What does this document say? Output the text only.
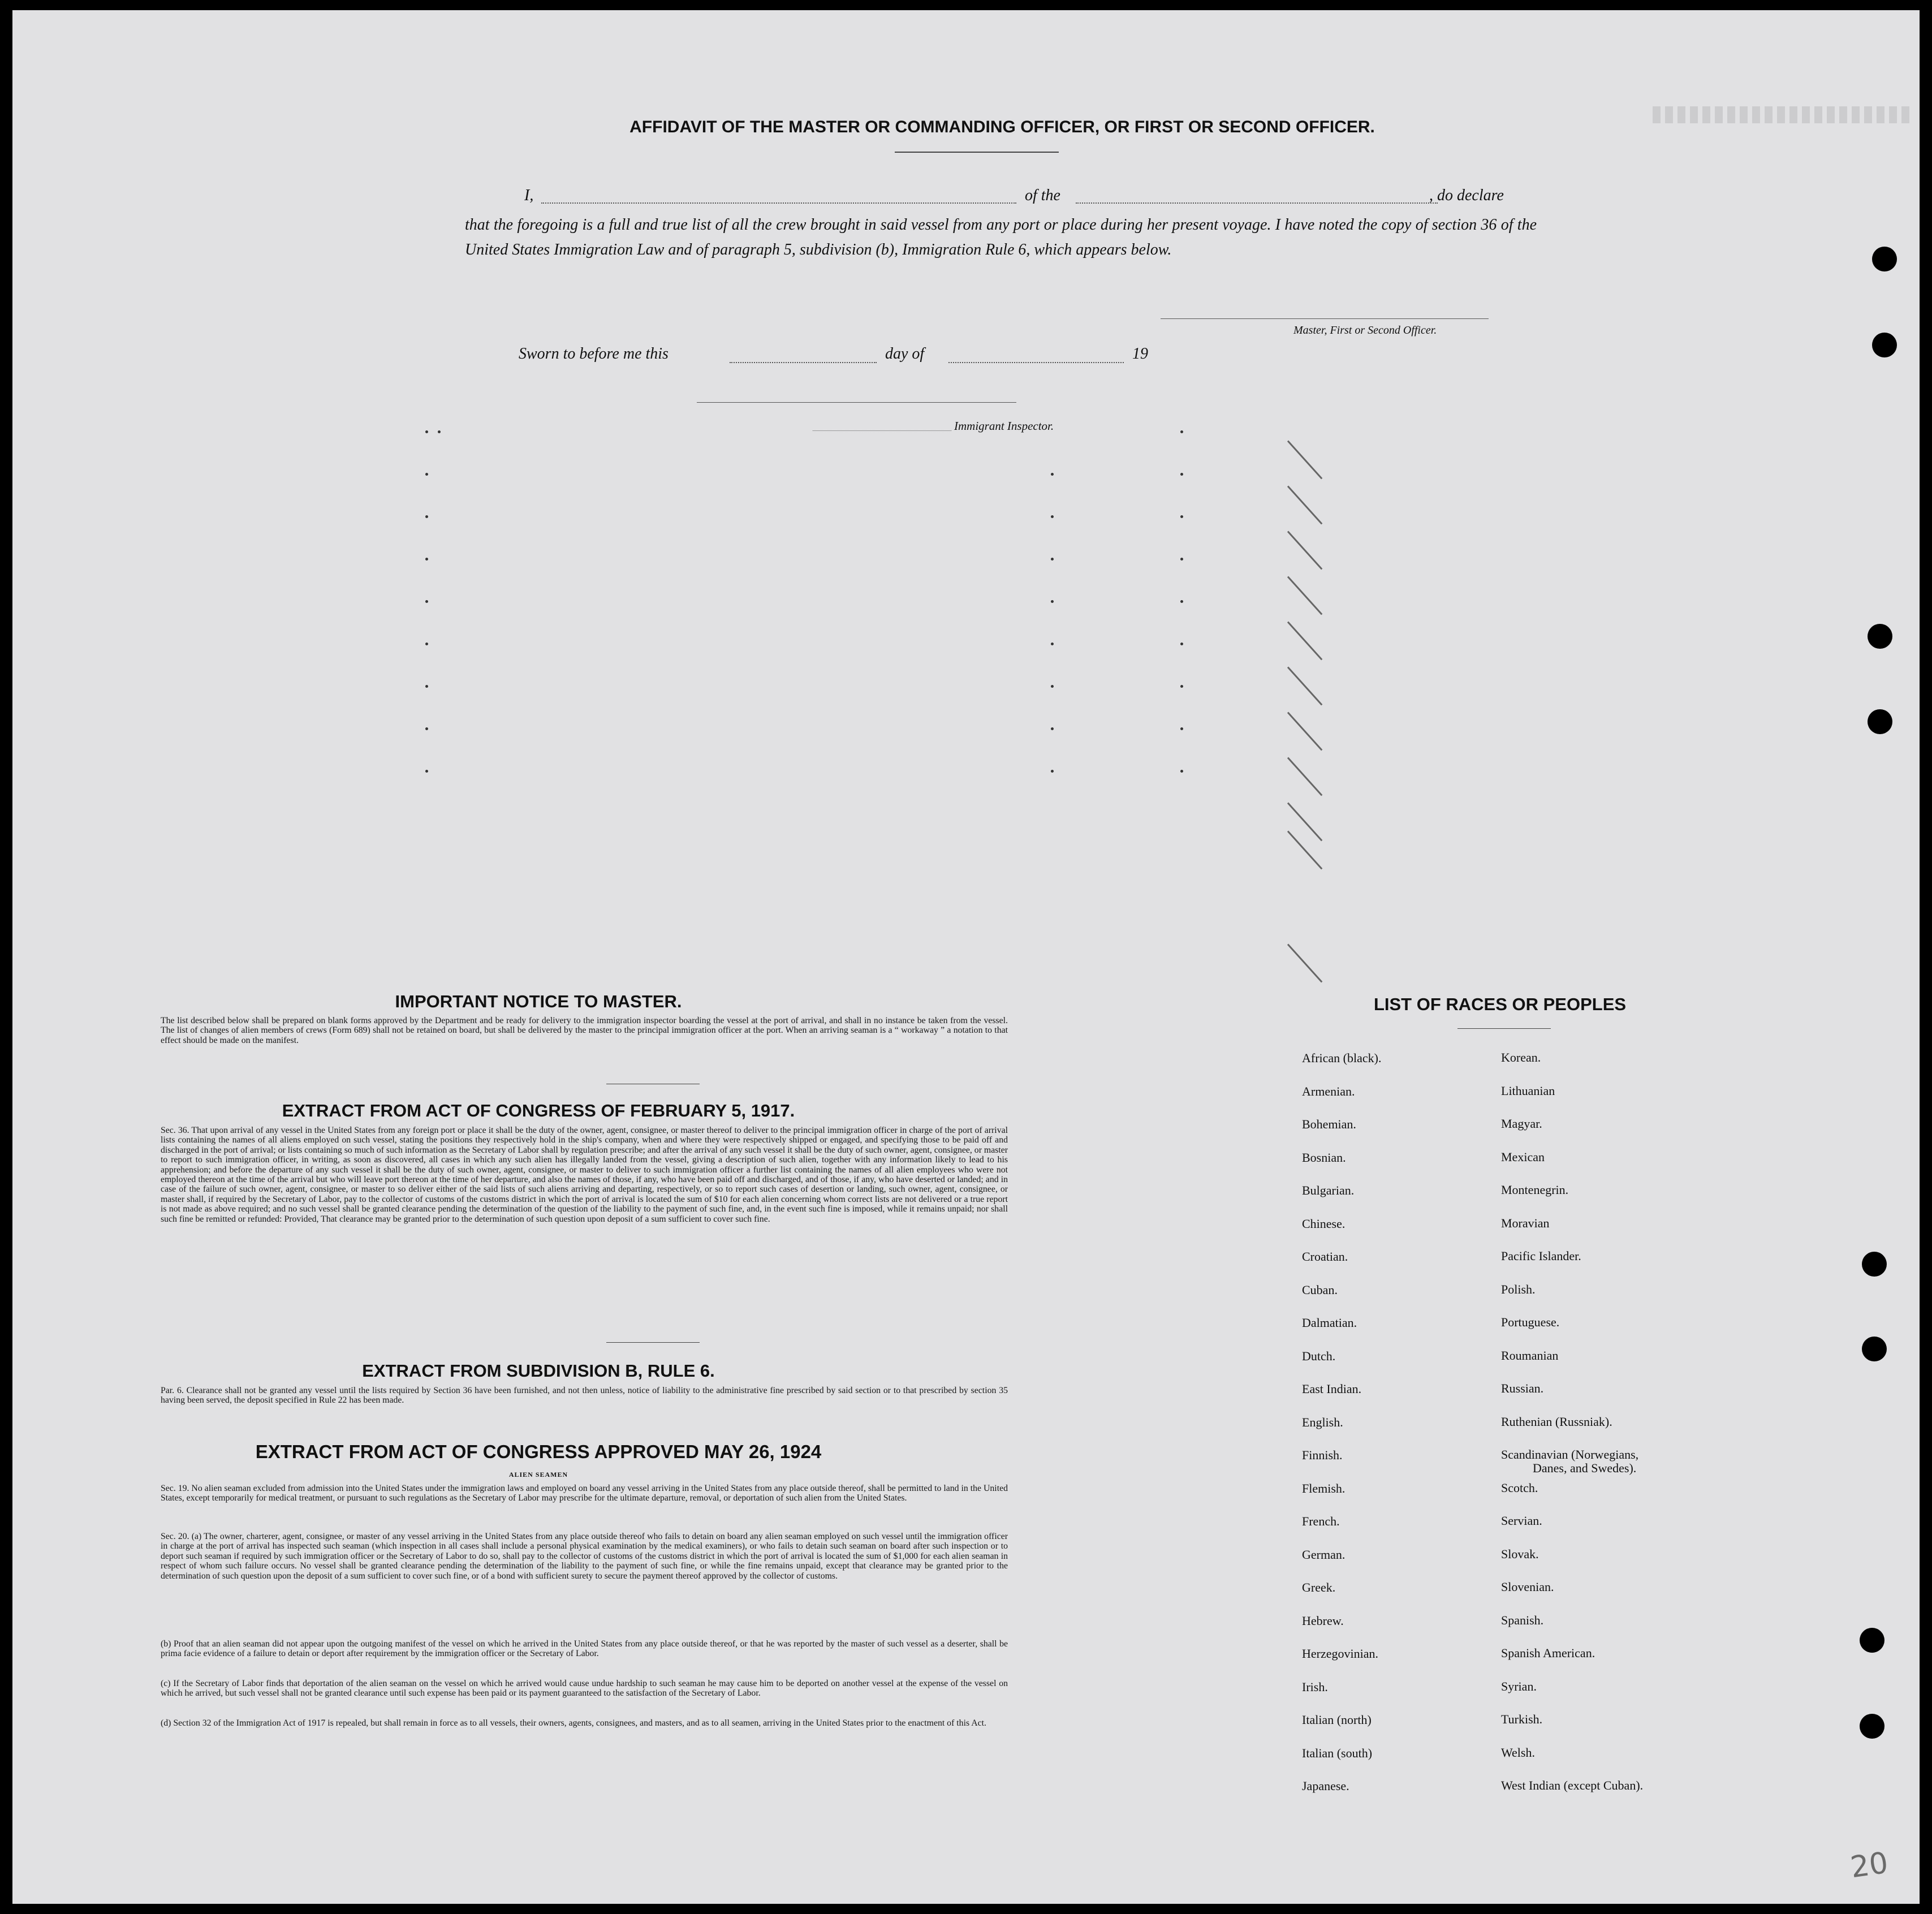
AFFIDAVIT OF THE MASTER OR COMMANDING OFFICER, OR FIRST OR SECOND OFFICER.
I,	of the	, do declare
that the foregoing is a full and true list of all the crew brought in said vessel from any port or place during her present voyage. I have noted the copy of section 36 of the United States Immigration Law and of paragraph 5, subdivision (b), Immigration Rule 6, which appears below.
Master, First or Second Officer.
Sworn to before me this	day of	19
Immigrant Inspector.
IMPORTANT NOTICE TO MASTER.
The list described below shall be prepared on blank forms approved by the Department and be ready for delivery to the immigration inspector boarding the vessel at the port of arrival, and shall in no instance be taken from the vessel. The list of changes of alien members of crews (Form 689) shall not be retained on board, but shall be delivered by the master to the principal immigration officer at the port. When an arriving seaman is a “ workaway ” a notation to that effect should be made on the manifest.
EXTRACT FROM ACT OF CONGRESS OF FEBRUARY 5, 1917.
Sec. 36. That upon arrival of any vessel in the United States from any foreign port or place it shall be the duty of the owner, agent, consignee, or master thereof to deliver to the principal immigration officer in charge of the port of arrival lists containing the names of all aliens employed on such vessel, stating the positions they respectively hold in the ship's company, when and where they were respectively shipped or engaged, and specifying those to be paid off and discharged in the port of arrival; or lists containing so much of such information as the Secretary of Labor shall by regulation prescribe; and after the arrival of any such vessel it shall be the duty of such owner, agent, consignee, or master to report to such immigration officer, in writing, as soon as discovered, all cases in which any such alien has illegally landed from the vessel, giving a description of such alien, together with any information likely to lead to his apprehension; and before the departure of any such vessel it shall be the duty of such owner, agent, consignee, or master to deliver to such immigration officer a further list containing the names of all alien employees who were not employed thereon at the time of the arrival but who will leave port thereon at the time of her departure, and also the names of those, if any, who have been paid off and discharged, and of those, if any, who have deserted or landed; and in case of the failure of such owner, agent, consignee, or master to so deliver either of the said lists of such aliens arriving and departing, respectively, or so to report such cases of desertion or landing, such owner, agent, consignee, or master shall, if required by the Secretary of Labor, pay to the collector of customs of the customs district in which the port of arrival is located the sum of $10 for each alien concerning whom correct lists are not delivered or a true report is not made as above required; and no such vessel shall be granted clearance pending the determination of the question of the liability to the payment of such fine, and, in the event such fine is imposed, while it remains unpaid; nor shall such fine be remitted or refunded: Provided, That clearance may be granted prior to the determination of such question upon deposit of a sum sufficient to cover such fine.
EXTRACT FROM SUBDIVISION B, RULE 6.
Par. 6. Clearance shall not be granted any vessel until the lists required by Section 36 have been furnished, and not then unless, notice of liability to the administrative fine prescribed by said section or to that prescribed by section 35 having been served, the deposit specified in Rule 22 has been made.
EXTRACT FROM ACT OF CONGRESS APPROVED MAY 26, 1924
ALIEN SEAMEN
Sec. 19. No alien seaman excluded from admission into the United States under the immigration laws and employed on board any vessel arriving in the United States from any place outside thereof, shall be permitted to land in the United States, except temporarily for medical treatment, or pursuant to such regulations as the Secretary of Labor may prescribe for the ultimate departure, removal, or deportation of such alien from the United States.
Sec. 20. (a) The owner, charterer, agent, consignee, or master of any vessel arriving in the United States from any place outside thereof who fails to detain on board any alien seaman employed on such vessel until the immigration officer in charge at the port of arrival has inspected such seaman (which inspection in all cases shall include a personal physical examination by the medical examiners), or who fails to detain such seaman on board after such inspection or to deport such seaman if required by such immigration officer or the Secretary of Labor to do so, shall pay to the collector of customs of the customs district in which the port of arrival is located the sum of $1,000 for each alien seaman in respect of whom such failure occurs. No vessel shall be granted clearance pending the determination of the liability to the payment of such fine, or while the fine remains unpaid, except that clearance may be granted prior to the determination of such question upon the deposit of a sum sufficient to cover such fine, or of a bond with sufficient surety to secure the payment thereof approved by the collector of customs.
(b) Proof that an alien seaman did not appear upon the outgoing manifest of the vessel on which he arrived in the United States from any place outside thereof, or that he was reported by the master of such vessel as a deserter, shall be prima facie evidence of a failure to detain or deport after requirement by the immigration officer or the Secretary of Labor.
(c) If the Secretary of Labor finds that deportation of the alien seaman on the vessel on which he arrived would cause undue hardship to such seaman he may cause him to be deported on another vessel at the expense of the vessel on which he arrived, but such vessel shall not be granted clearance until such expense has been paid or its payment guaranteed to the satisfaction of the Secretary of Labor.
(d) Section 32 of the Immigration Act of 1917 is repealed, but shall remain in force as to all vessels, their owners, agents, consignees, and masters, and as to all seamen, arriving in the United States prior to the enactment of this Act.
LIST OF RACES OR PEOPLES
African (black).	Korean.
Armenian.	Lithuanian
Bohemian.	Magyar.
Bosnian.	Mexican
Bulgarian.	Montenegrin.
Chinese.	Moravian
Croatian.	Pacific Islander.
Cuban.	Polish.
Dalmatian.	Portuguese.
Dutch.	Roumanian
East Indian.	Russian.
English.	Ruthenian (Russniak).
Finnish.	Scandinavian (Norwegians,
Danes, and Swedes).
Flemish.	Scotch.
French.	Servian.
German.	Slovak.
Greek.	Slovenian.
Hebrew.	Spanish.
Herzegovinian.	Spanish American.
Irish.	Syrian.
Italian (north)	Turkish.
Italian (south)	Welsh.
Japanese.	West Indian (except Cuban).
20
